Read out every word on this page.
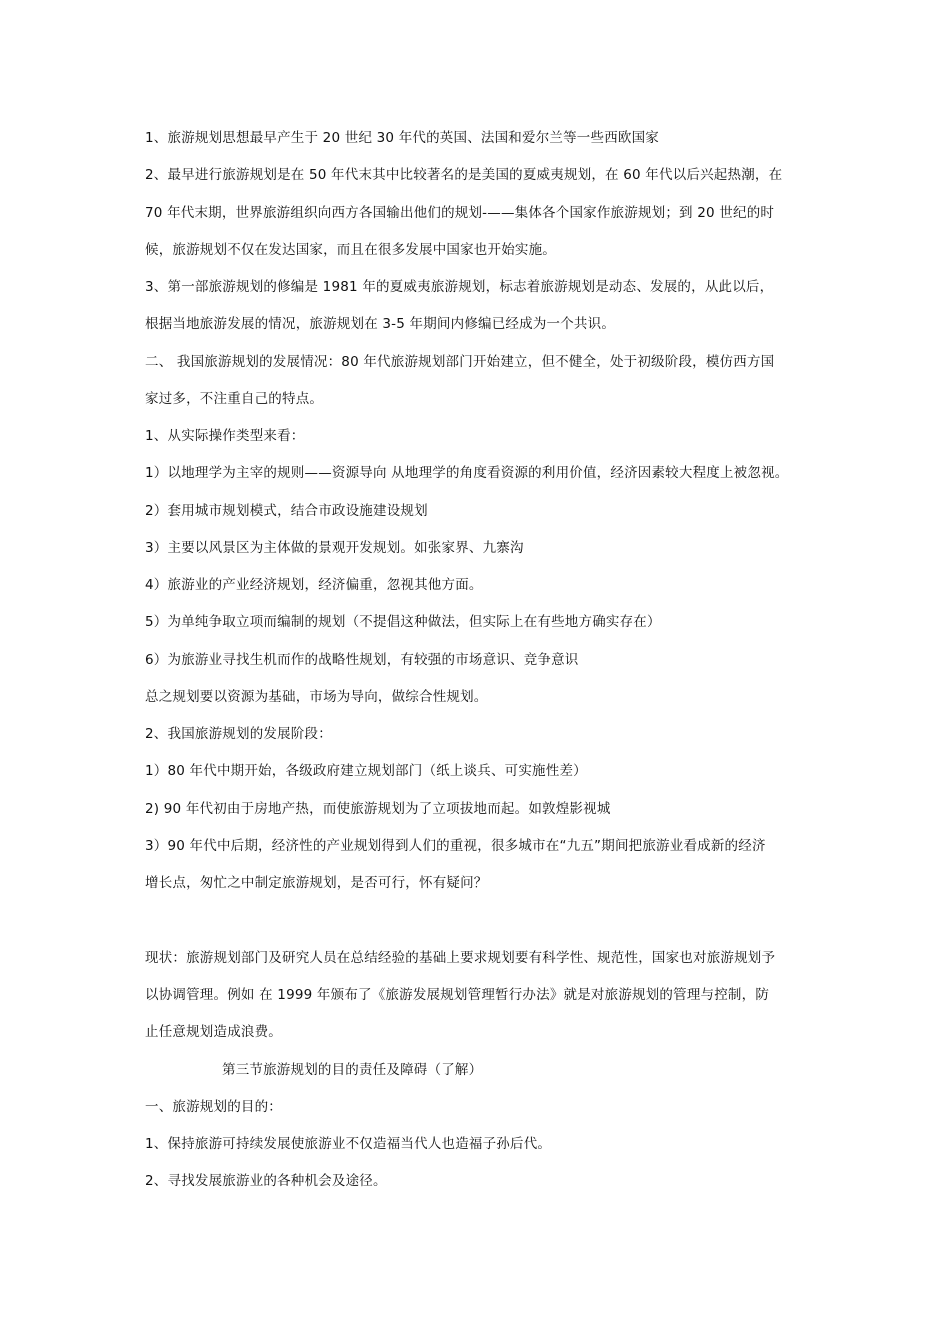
1、旅游规划思想最早产生于 20 世纪 30 年代的英国、法国和爱尔兰等一些西欧国家
2、最早进行旅游规划是在 50 年代末其中比较著名的是美国的夏威夷规划，在 60 年代以后兴起热潮，在
70 年代末期，世界旅游组织向西方各国输出他们的规划-——集体各个国家作旅游规划；到 20 世纪的时
候，旅游规划不仅在发达国家，而且在很多发展中国家也开始实施。
3、第一部旅游规划的修编是 1981 年的夏威夷旅游规划，标志着旅游规划是动态、发展的，从此以后，
根据当地旅游发展的情况，旅游规划在 3-5 年期间内修编已经成为一个共识。
二、 我国旅游规划的发展情况：80 年代旅游规划部门开始建立，但不健全，处于初级阶段，模仿西方国
家过多，不注重自己的特点。
1、从实际操作类型来看：
1）以地理学为主宰的规则——资源导向 从地理学的角度看资源的利用价值，经济因素较大程度上被忽视。
2）套用城市规划模式，结合市政设施建设规划
3）主要以风景区为主体做的景观开发规划。如张家界、九寨沟
4）旅游业的产业经济规划，经济偏重，忽视其他方面。
5）为单纯争取立项而编制的规划（不提倡这种做法，但实际上在有些地方确实存在）
6）为旅游业寻找生机而作的战略性规划，有较强的市场意识、竞争意识
总之规划要以资源为基础，市场为导向，做综合性规划。
2、我国旅游规划的发展阶段：
1）80 年代中期开始，各级政府建立规划部门（纸上谈兵、可实施性差）
2) 90 年代初由于房地产热，而使旅游规划为了立项拔地而起。如敦煌影视城
3）90 年代中后期，经济性的产业规划得到人们的重视，很多城市在“九五”期间把旅游业看成新的经济
增长点，匆忙之中制定旅游规划，是否可行，怀有疑问？
现状：旅游规划部门及研究人员在总结经验的基础上要求规划要有科学性、规范性，国家也对旅游规划予
以协调管理。例如 在 1999 年颁布了《旅游发展规划管理暂行办法》就是对旅游规划的管理与控制，防
止任意规划造成浪费。
第三节旅游规划的目的责任及障碍（了解）
一、旅游规划的目的：
1、保持旅游可持续发展使旅游业不仅造福当代人也造福子孙后代。
2、寻找发展旅游业的各种机会及途径。
